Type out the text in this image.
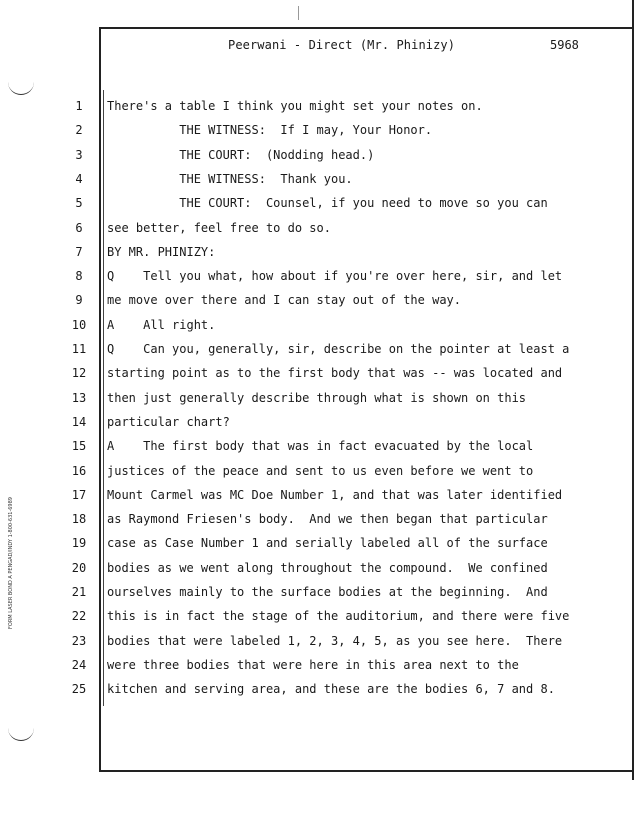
FORM LASER BOND A PENGAD/INDY 1-800-631-6989
Peerwani - Direct (Mr. Phinizy)	5968
1	There's a table I think you might set your notes on.
2	THE WITNESS:  If I may, Your Honor.
3	THE COURT:  (Nodding head.)
4	THE WITNESS:  Thank you.
5	THE COURT:  Counsel, if you need to move so you can
6	see better, feel free to do so.
7	BY MR. PHINIZY:
8	Q    Tell you what, how about if you're over here, sir, and let
9	me move over there and I can stay out of the way.
10	A    All right.
11	Q    Can you, generally, sir, describe on the pointer at least a
12	starting point as to the first body that was -- was located and
13	then just generally describe through what is shown on this
14	particular chart?
15	A    The first body that was in fact evacuated by the local
16	justices of the peace and sent to us even before we went to
17	Mount Carmel was MC Doe Number 1, and that was later identified
18	as Raymond Friesen's body.  And we then began that particular
19	case as Case Number 1 and serially labeled all of the surface
20	bodies as we went along throughout the compound.  We confined
21	ourselves mainly to the surface bodies at the beginning.  And
22	this is in fact the stage of the auditorium, and there were five
23	bodies that were labeled 1, 2, 3, 4, 5, as you see here.  There
24	were three bodies that were here in this area next to the
25	kitchen and serving area, and these are the bodies 6, 7 and 8.
